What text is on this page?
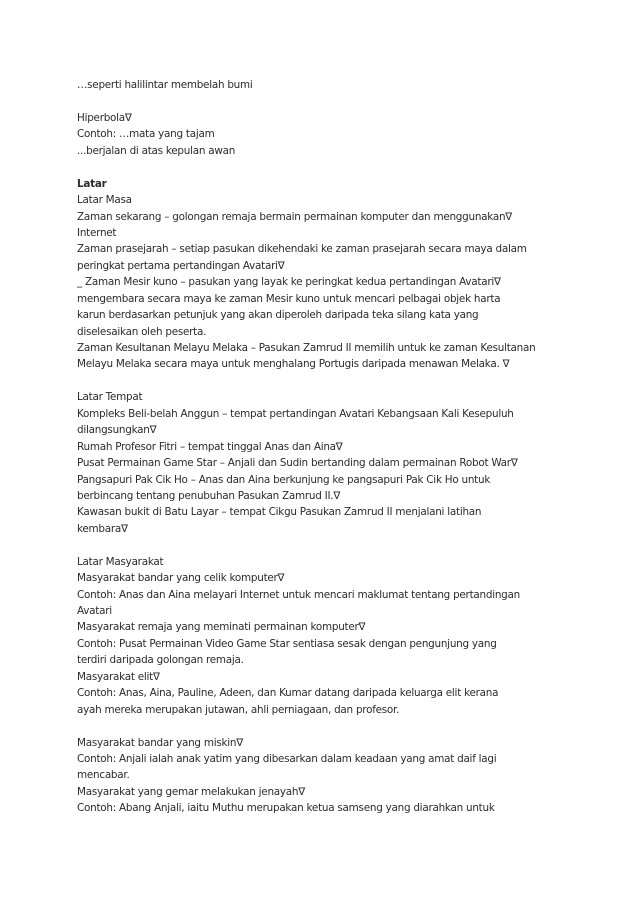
…seperti halilintar membelah bumi
Hiperbola∇
Contoh: …mata yang tajam
...berjalan di atas kepulan awan
Latar
Latar Masa
Zaman sekarang – golongan remaja bermain permainan komputer dan menggunakan∇
Internet
Zaman prasejarah – setiap pasukan dikehendaki ke zaman prasejarah secara maya dalam
peringkat pertama pertandingan Avatari∇
_ Zaman Mesir kuno – pasukan yang layak ke peringkat kedua pertandingan Avatari∇
mengembara secara maya ke zaman Mesir kuno untuk mencari pelbagai objek harta
karun berdasarkan petunjuk yang akan diperoleh daripada teka silang kata yang
diselesaikan oleh peserta.
Zaman Kesultanan Melayu Melaka – Pasukan Zamrud II memilih untuk ke zaman Kesultanan
Melayu Melaka secara maya untuk menghalang Portugis daripada menawan Melaka. ∇
Latar Tempat
Kompleks Beli-belah Anggun – tempat pertandingan Avatari Kebangsaan Kali Kesepuluh
dilangsungkan∇
Rumah Profesor Fitri – tempat tinggal Anas dan Aina∇
Pusat Permainan Game Star – Anjali dan Sudin bertanding dalam permainan Robot War∇
Pangsapuri Pak Cik Ho – Anas dan Aina berkunjung ke pangsapuri Pak Cik Ho untuk
berbincang tentang penubuhan Pasukan Zamrud II.∇
Kawasan bukit di Batu Layar – tempat Cikgu Pasukan Zamrud II menjalani latihan
kembara∇
Latar Masyarakat
Masyarakat bandar yang celik komputer∇
Contoh: Anas dan Aina melayari Internet untuk mencari maklumat tentang pertandingan
Avatari
Masyarakat remaja yang meminati permainan komputer∇
Contoh: Pusat Permainan Video Game Star sentiasa sesak dengan pengunjung yang
terdiri daripada golongan remaja.
Masyarakat elit∇
Contoh: Anas, Aina, Pauline, Adeen, dan Kumar datang daripada keluarga elit kerana
ayah mereka merupakan jutawan, ahli perniagaan, dan profesor.
Masyarakat bandar yang miskin∇
Contoh: Anjali ialah anak yatim yang dibesarkan dalam keadaan yang amat daif lagi
mencabar.
Masyarakat yang gemar melakukan jenayah∇
Contoh: Abang Anjali, iaitu Muthu merupakan ketua samseng yang diarahkan untuk
